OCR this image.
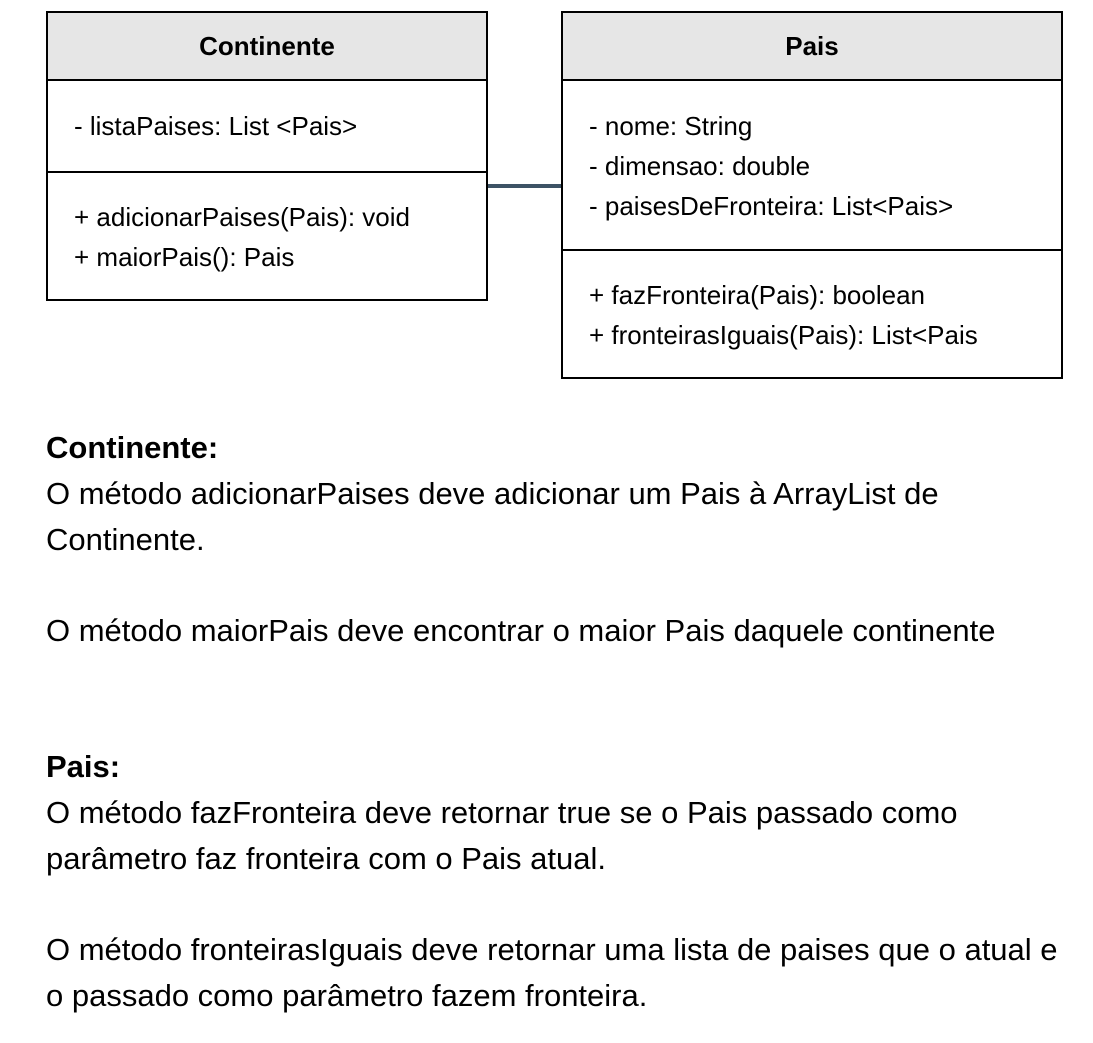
Continente
- listaPaises: List <Pais>
+ adicionarPaises(Pais): void
+ maiorPais(): Pais
Pais
- nome: String
- dimensao: double
- paisesDeFronteira: List<Pais>
+ fazFronteira(Pais): boolean
+ fronteirasIguais(Pais): List<Pais
Continente:
O método adicionarPaises deve adicionar um Pais à ArrayList de Continente.
O método maiorPais deve encontrar o maior Pais daquele continente
Pais:
O método fazFronteira deve retornar true se o Pais passado como parâmetro faz fronteira com o Pais atual.
O método fronteirasIguais deve retornar uma lista de paises que o atual e o passado como parâmetro fazem fronteira.
